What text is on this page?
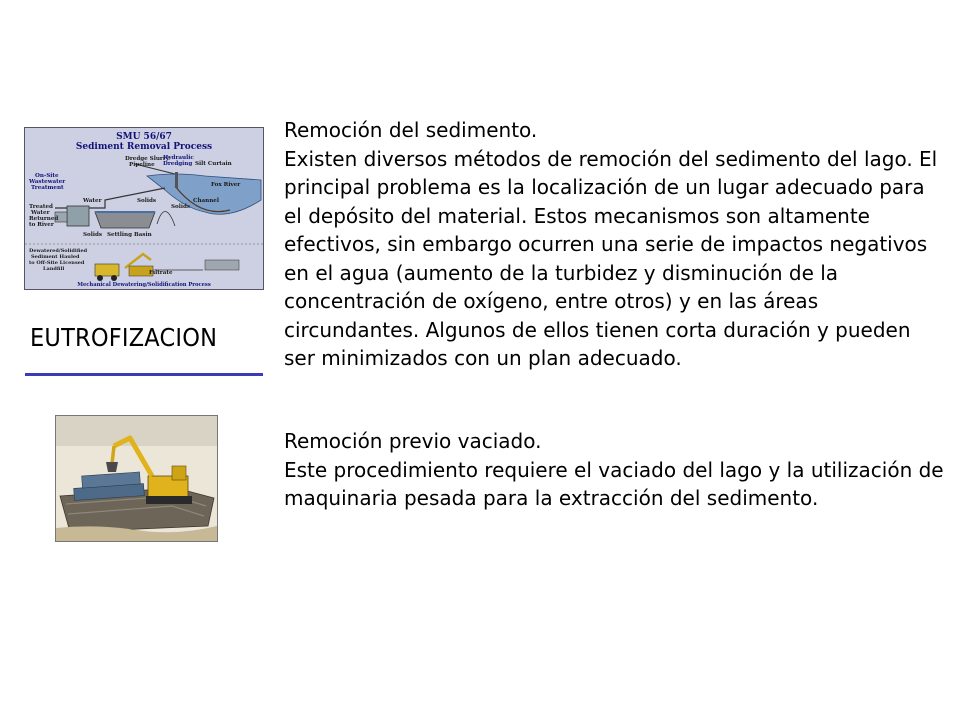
SMU 56/67
Sediment Removal Process
Dredge Slurry
Pipeline
Hydraulic
Dredging Silt Curtain
On-Site
Wastewater
Treatment	Fox River
Treated
Water
Returned
to River
Water	Solids
Solids
Solids Settling Basin
Channel
Dewatered/Solidified
Sediment Hauled
to Off-Site Licensed
Landfill
Filtrate
Mechanical Dewatering/Solidification Process
EUTROFIZACION

Remoción del sedimento.

Existen diversos métodos de remoción del sedimento del lago. El principal problema es la localización de un lugar adecuado para el depósito del material. Estos mecanismos son altamente efectivos, sin embargo ocurren una serie de impactos negativos en el agua (aumento de la turbidez y disminución de la concentración de oxígeno, entre otros) y en las áreas circundantes. Algunos de ellos tienen corta duración y pueden ser minimizados con un plan adecuado.

Remoción previo vaciado.

Este procedimiento requiere el vaciado del lago y la utilización de maquinaria pesada para la extracción del sedimento.
